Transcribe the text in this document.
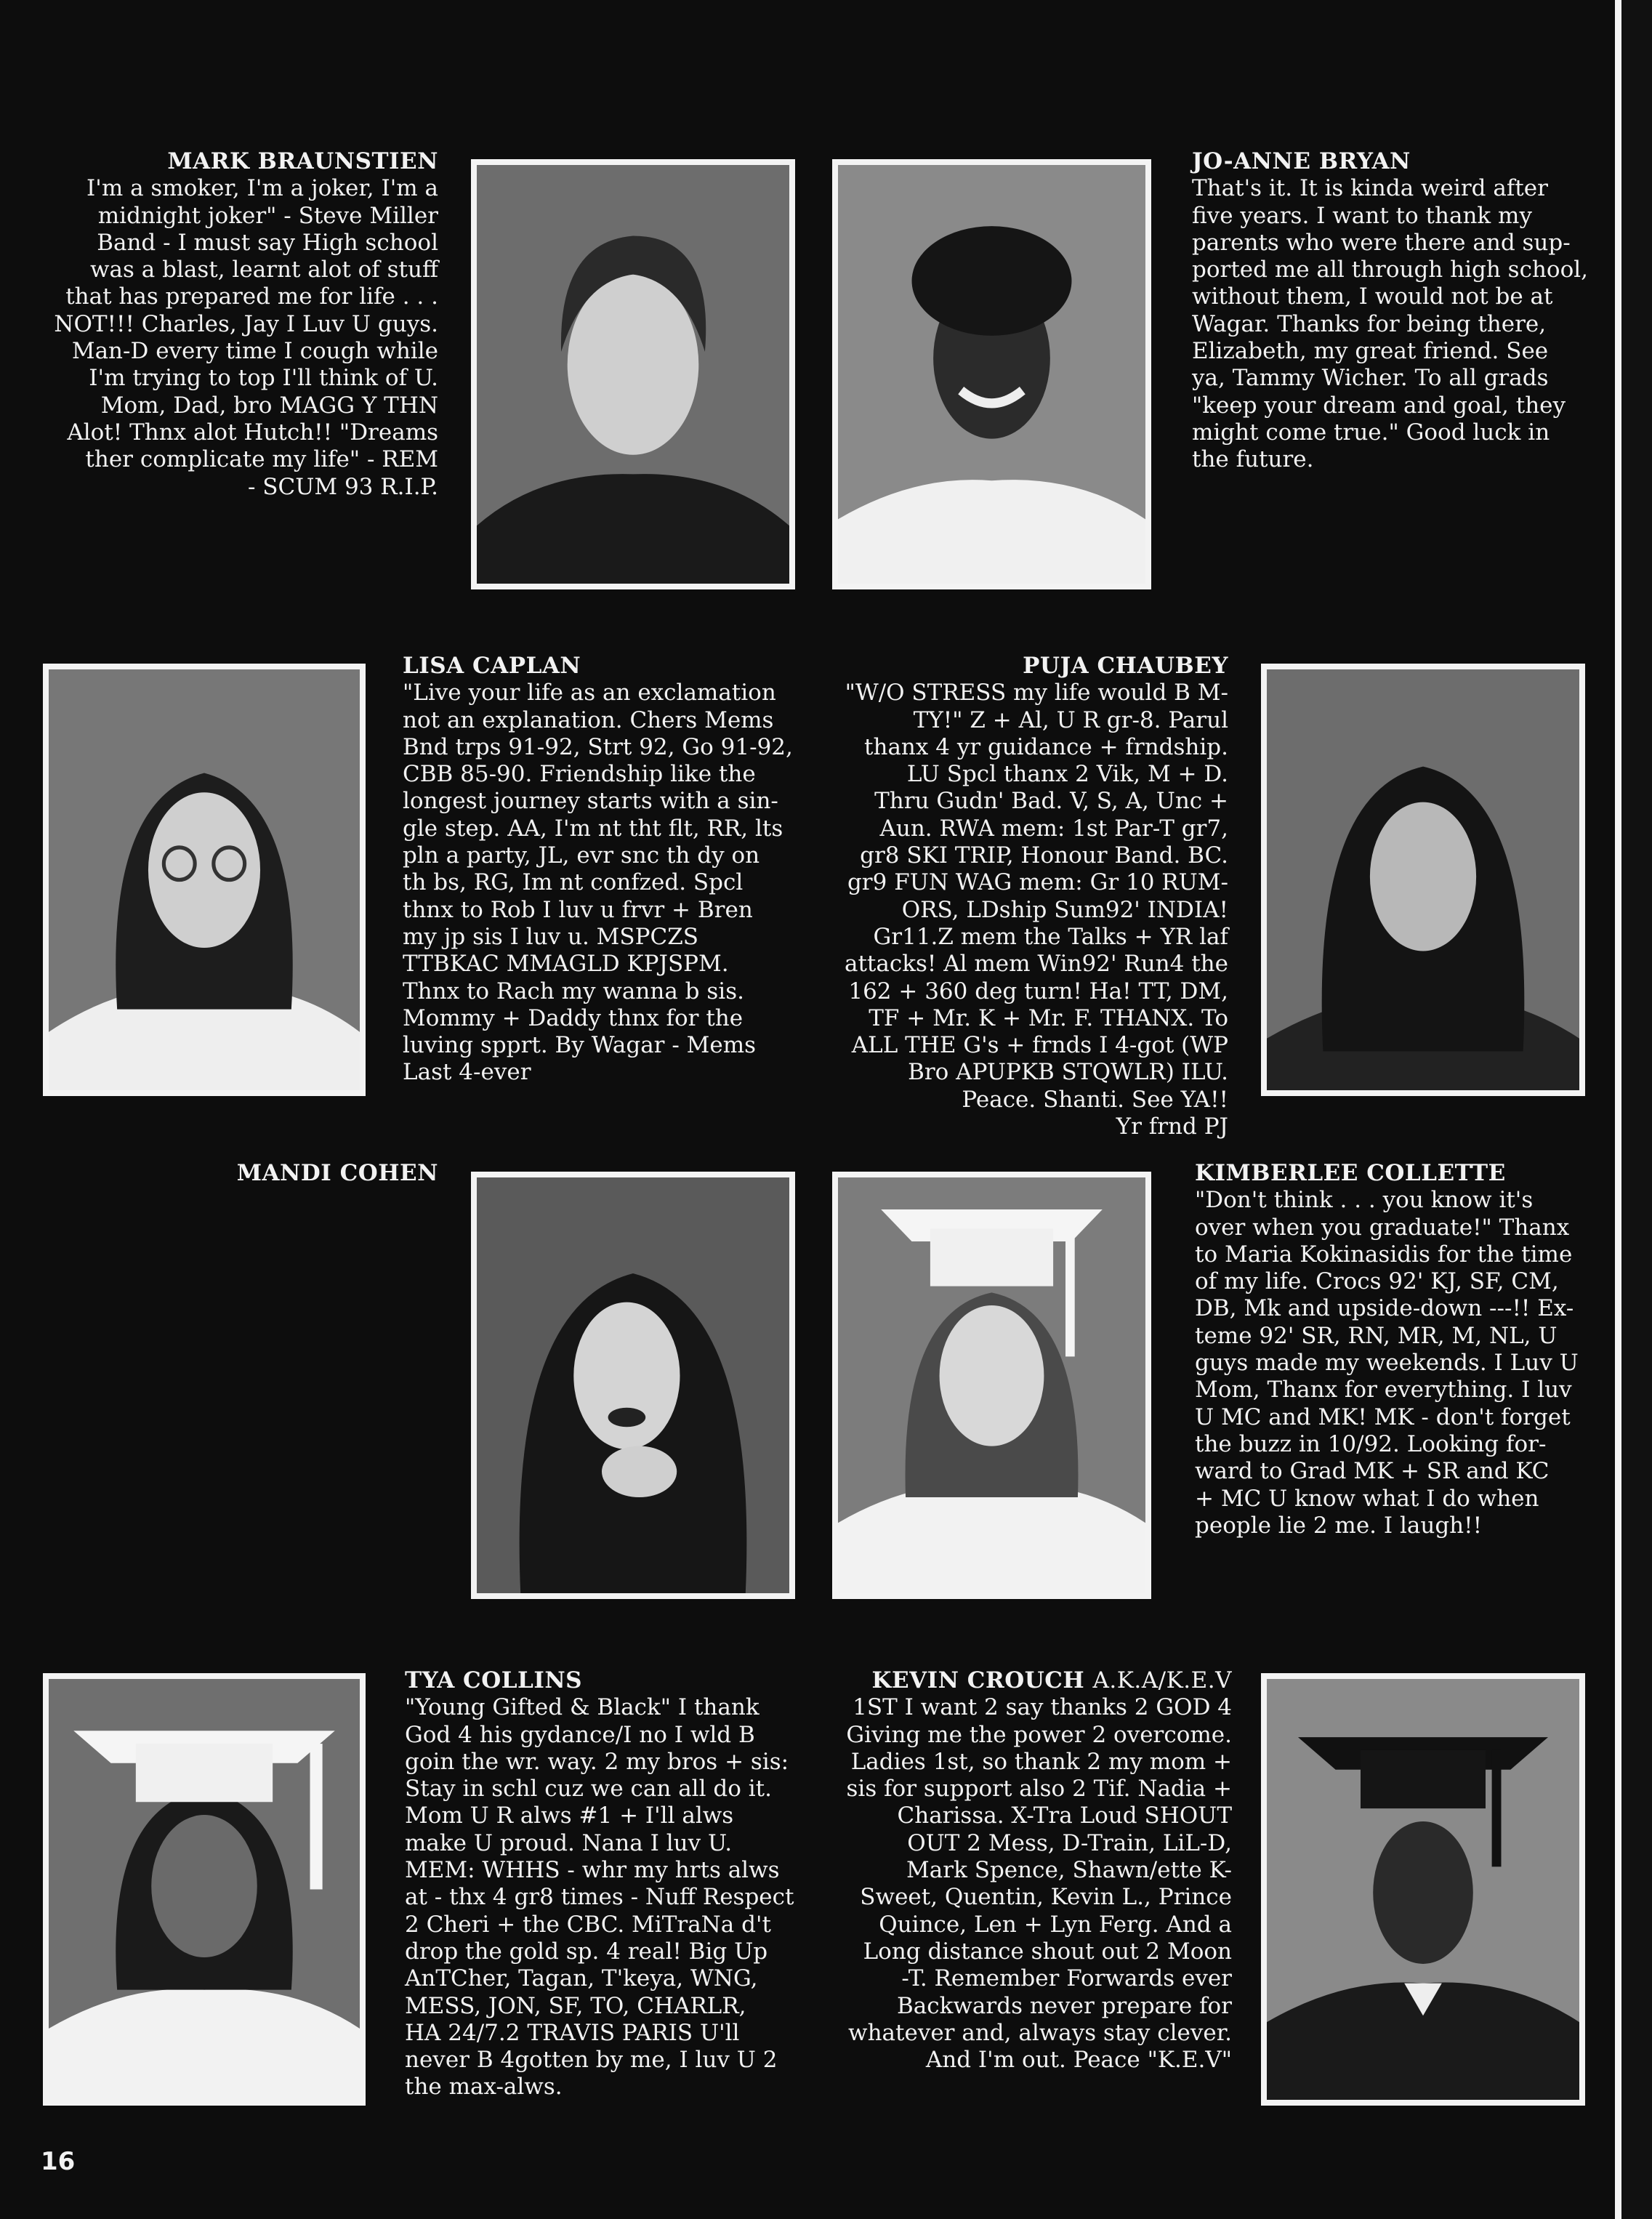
MARK BRAUNSTIEN
I'm a smoker, I'm a joker, I'm a
midnight joker" - Steve Miller
Band - I must say High school
was a blast, learnt alot of stuff
that has prepared me for life . . .
NOT!!! Charles, Jay I Luv U guys.
Man-D every time I cough while
I'm trying to top I'll think of U.
Mom, Dad, bro MAGG Y THN
Alot! Thnx alot Hutch!! "Dreams
ther complicate my life" - REM
- SCUM 93 R.I.P.
JO-ANNE BRYAN
That's it. It is kinda weird after
five years. I want to thank my
parents who were there and sup-
ported me all through high school,
without them, I would not be at
Wagar. Thanks for being there,
Elizabeth, my great friend. See
ya, Tammy Wicher. To all grads
"keep your dream and goal, they
might come true." Good luck in
the future.
LISA CAPLAN
"Live your life as an exclamation
not an explanation. Chers Mems
Bnd trps 91-92, Strt 92, Go 91-92,
CBB 85-90. Friendship like the
longest journey starts with a sin-
gle step. AA, I'm nt tht flt, RR, lts
pln a party, JL, evr snc th dy on
th bs, RG, Im nt confzed. Spcl
thnx to Rob I luv u frvr + Bren
my jp sis I luv u. MSPCZS
TTBKAC MMAGLD KPJSPM.
Thnx to Rach my wanna b sis.
Mommy + Daddy thnx for the
luving spprt. By Wagar - Mems
Last 4-ever
PUJA CHAUBEY
"W/O STRESS my life would B M-
TY!" Z + Al, U R gr-8. Parul
thanx 4 yr guidance + frndship.
LU Spcl thanx 2 Vik, M + D.
Thru Gudn' Bad. V, S, A, Unc +
Aun. RWA mem: 1st Par-T gr7,
gr8 SKI TRIP, Honour Band. BC.
gr9 FUN WAG mem: Gr 10 RUM-
ORS, LDship Sum92' INDIA!
Gr11.Z mem the Talks + YR laf
attacks! Al mem Win92' Run4 the
162 + 360 deg turn! Ha! TT, DM,
TF + Mr. K + Mr. F. THANX. To
ALL THE G's + frnds I 4-got (WP
Bro APUPKB STQWLR) ILU.
Peace. Shanti. See YA!!
Yr frnd PJ
MANDI COHEN	KIMBERLEE COLLETTE
"Don't think . . . you know it's
over when you graduate!" Thanx
to Maria Kokinasidis for the time
of my life. Crocs 92' KJ, SF, CM,
DB, Mk and upside-down ---!! Ex-
teme 92' SR, RN, MR, M, NL, U
guys made my weekends. I Luv U
Mom, Thanx for everything. I luv
U MC and MK! MK - don't forget
the buzz in 10/92. Looking for-
ward to Grad MK + SR and KC
+ MC U know what I do when
people lie 2 me. I laugh!!
TYA COLLINS
"Young Gifted & Black" I thank
God 4 his gydance/I no I wld B
goin the wr. way. 2 my bros + sis:
Stay in schl cuz we can all do it.
Mom U R alws #1 + I'll alws
make U proud. Nana I luv U.
MEM: WHHS - whr my hrts alws
at - thx 4 gr8 times - Nuff Respect
2 Cheri + the CBC. MiTraNa d't
drop the gold sp. 4 real! Big Up
AnTCher, Tagan, T'keya, WNG,
MESS, JON, SF, TO, CHARLR,
HA 24/7.2 TRAVIS PARIS U'll
never B 4gotten by me, I luv U 2
the max-alws.
KEVIN CROUCH A.K.A/K.E.V
1ST I want 2 say thanks 2 GOD 4
Giving me the power 2 overcome.
Ladies 1st, so thank 2 my mom +
sis for support also 2 Tif. Nadia +
Charissa. X-Tra Loud SHOUT
OUT 2 Mess, D-Train, LiL-D,
Mark Spence, Shawn/ette K-
Sweet, Quentin, Kevin L., Prince
Quince, Len + Lyn Ferg. And a
Long distance shout out 2 Moon
-T. Remember Forwards ever
Backwards never prepare for
whatever and, always stay clever.
And I'm out. Peace "K.E.V"
16
